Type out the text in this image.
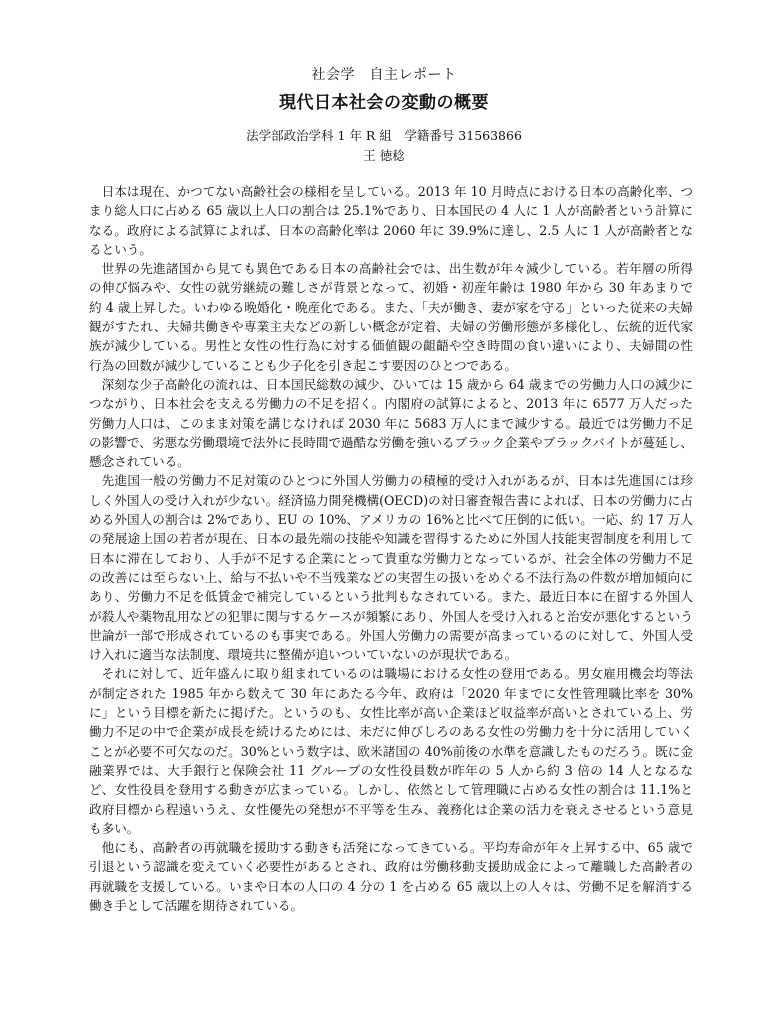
社会学　自主レポート
現代日本社会の変動の概要
法学部政治学科 1 年 R 組　学籍番号 31563866
王 徳稔

日本は現在、かつてない高齢社会の様相を呈している。2013 年 10 月時点における日本の高齢化率、つまり総人口に占める 65 歳以上人口の割合は 25.1%であり、日本国民の 4 人に 1 人が高齢者という計算になる。政府による試算によれば、日本の高齢化率は 2060 年に 39.9%に達し、2.5 人に 1 人が高齢者となるという。

世界の先進諸国から見ても異色である日本の高齢社会では、出生数が年々減少している。若年層の所得の伸び悩みや、女性の就労継続の難しさが背景となって、初婚・初産年齢は 1980 年から 30 年あまりで約 4 歳上昇した。いわゆる晩婚化・晩産化である。また、「夫が働き、妻が家を守る」といった従来の夫婦観がすたれ、夫婦共働きや専業主夫などの新しい概念が定着、夫婦の労働形態が多様化し、伝統的近代家族が減少している。男性と女性の性行為に対する価値観の齟齬や空き時間の食い違いにより、夫婦間の性行為の回数が減少していることも少子化を引き起こす要因のひとつである。

深刻な少子高齢化の流れは、日本国民総数の減少、ひいては 15 歳から 64 歳までの労働力人口の減少につながり、日本社会を支える労働力の不足を招く。内閣府の試算によると、2013 年に 6577 万人だった労働力人口は、このまま対策を講じなければ 2030 年に 5683 万人にまで減少する。最近では労働力不足の影響で、劣悪な労働環境で法外に長時間で過酷な労働を強いるブラック企業やブラックバイトが蔓延し、懸念されている。

先進国一般の労働力不足対策のひとつに外国人労働力の積極的受け入れがあるが、日本は先進国には珍しく外国人の受け入れが少ない。経済協力開発機構(OECD)の対日審査報告書によれば、日本の労働力に占める外国人の割合は 2%であり、EU の 10%、アメリカの 16%と比べて圧倒的に低い。一応、約 17 万人の発展途上国の若者が現在、日本の最先端の技能や知識を習得するために外国人技能実習制度を利用して日本に滞在しており、人手が不足する企業にとって貴重な労働力となっているが、社会全体の労働力不足の改善には至らない上、給与不払いや不当残業などの実習生の扱いをめぐる不法行為の件数が増加傾向にあり、労働力不足を低賃金で補完しているという批判もなされている。また、最近日本に在留する外国人が殺人や薬物乱用などの犯罪に関与するケースが頻繁にあり、外国人を受け入れると治安が悪化するという世論が一部で形成されているのも事実である。外国人労働力の需要が高まっているのに対して、外国人受け入れに適当な法制度、環境共に整備が追いついていないのが現状である。

それに対して、近年盛んに取り組まれているのは職場における女性の登用である。男女雇用機会均等法が制定された 1985 年から数えて 30 年にあたる今年、政府は「2020 年までに女性管理職比率を 30%に」という目標を新たに掲げた。というのも、女性比率が高い企業ほど収益率が高いとされている上、労働力不足の中で企業が成長を続けるためには、未だに伸びしろのある女性の労働力を十分に活用していくことが必要不可欠なのだ。30%という数字は、欧米諸国の 40%前後の水準を意識したものだろう。既に金融業界では、大手銀行と保険会社 11 グループの女性役員数が昨年の 5 人から約 3 倍の 14 人となるなど、女性役員を登用する動きが広まっている。しかし、依然として管理職に占める女性の割合は 11.1%と政府目標から程遠いうえ、女性優先の発想が不平等を生み、義務化は企業の活力を衰えさせるという意見も多い。

他にも、高齢者の再就職を援助する動きも活発になってきている。平均寿命が年々上昇する中、65 歳で引退という認識を変えていく必要性があるとされ、政府は労働移動支援助成金によって離職した高齢者の再就職を支援している。いまや日本の人口の 4 分の 1 を占める 65 歳以上の人々は、労働不足を解消する働き手として活躍を期待されている。
